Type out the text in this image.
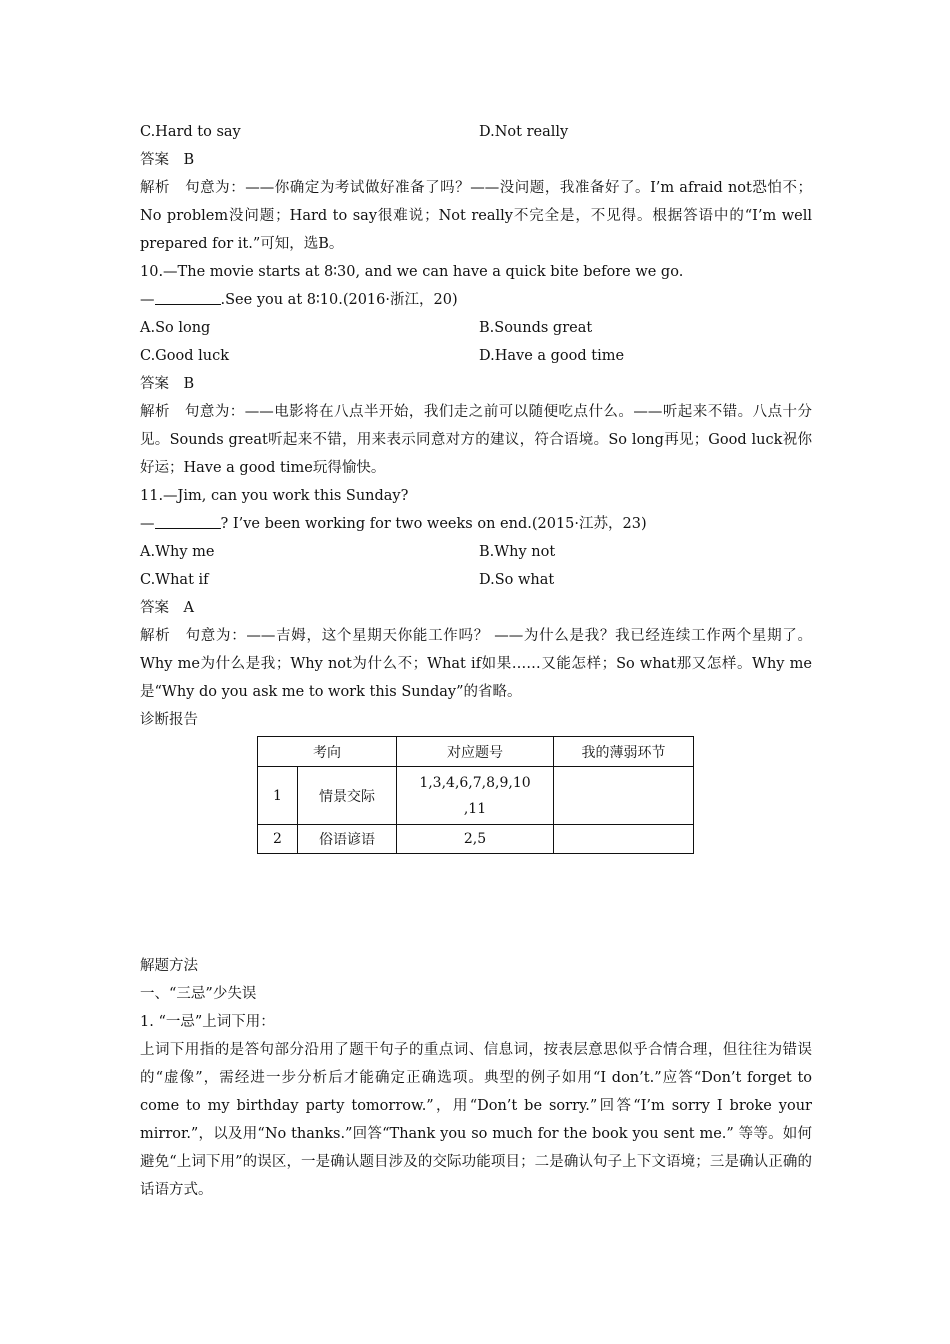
C.Hard to say	D.Not really
答案　B
解析　句意为：——你确定为考试做好准备了吗？——没问题，我准备好了。I’m afraid not恐怕不；No problem没问题；Hard to say很难说；Not really不完全是，不见得。根据答语中的“I’m well prepared for it.”可知，选B。
10.—The movie starts at 8∶30, and we can have a quick bite before we go.
—	.See you at 8∶10.(2016·浙江，20)
A.So long	B.Sounds great
C.Good luck	D.Have a good time
答案　B
解析　句意为：——电影将在八点半开始，我们走之前可以随便吃点什么。——听起来不错。八点十分见。Sounds great听起来不错，用来表示同意对方的建议，符合语境。So long再见；Good luck祝你好运；Have a good time玩得愉快。
11.—Jim, can you work this Sunday?
—	? I’ve been working for two weeks on end.(2015·江苏，23)
A.Why me	B.Why not
C.What if	D.So what
答案　A
解析　句意为：——吉姆，这个星期天你能工作吗？ ——为什么是我？我已经连续工作两个星期了。Why me为什么是我；Why not为什么不；What if如果……又能怎样；So what那又怎样。Why me是“Why do you ask me to work this Sunday”的省略。
诊断报告
考向		对应题号	我的薄弱环节
1	情景交际	1,3,4,6,7,8,9,10
,11	

2	俗语谚语	2,5	
解题方法
一、“三忌”少失误
1. “一忌”上词下用：
上词下用指的是答句部分沿用了题干句子的重点词、信息词，按表层意思似乎合情合理，但往往为错误的“虚像”，需经进一步分析后才能确定正确选项。典型的例子如用“I don’t.”应答“Don’t forget to come to my birthday party tomorrow.”，用“Don’t be sorry.”回答“I’m sorry I broke your mirror.”，以及用“No thanks.”回答“Thank you so much for the book you sent me.” 等等。如何避免“上词下用”的误区，一是确认题目涉及的交际功能项目；二是确认句子上下文语境；三是确认正确的话语方式。
